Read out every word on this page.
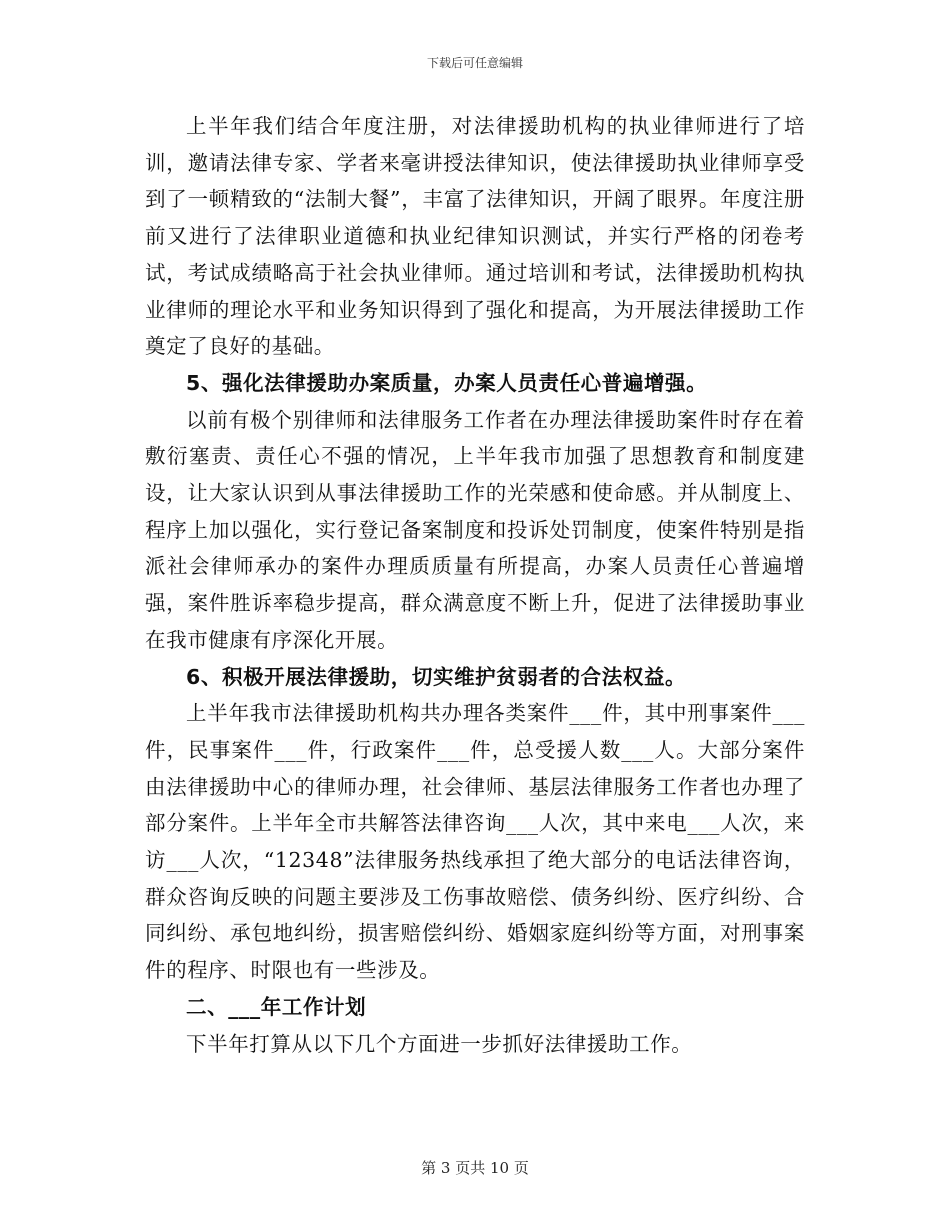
下载后可任意编辑

上半年我们结合年度注册，对法律援助机构的执业律师进行了培训，邀请法律专家、学者来毫讲授法律知识，使法律援助执业律师享受到了一顿精致的“法制大餐”，丰富了法律知识，开阔了眼界。年度注册前又进行了法律职业道德和执业纪律知识测试，并实行严格的闭卷考试，考试成绩略高于社会执业律师。通过培训和考试，法律援助机构执业律师的理论水平和业务知识得到了强化和提高，为开展法律援助工作奠定了良好的基础。

5、强化法律援助办案质量，办案人员责任心普遍增强。

以前有极个别律师和法律服务工作者在办理法律援助案件时存在着敷衍塞责、责任心不强的情况，上半年我市加强了思想教育和制度建设，让大家认识到从事法律援助工作的光荣感和使命感。并从制度上、程序上加以强化，实行登记备案制度和投诉处罚制度，使案件特别是指派社会律师承办的案件办理质质量有所提高，办案人员责任心普遍增强，案件胜诉率稳步提高，群众满意度不断上升，促进了法律援助事业在我市健康有序深化开展。

6、积极开展法律援助，切实维护贫弱者的合法权益。

上半年我市法律援助机构共办理各类案件___件，其中刑事案件___件，民事案件___件，行政案件___件，总受援人数___人。大部分案件由法律援助中心的律师办理，社会律师、基层法律服务工作者也办理了部分案件。上半年全市共解答法律咨询___人次，其中来电___人次，来访___人次，“12348”法律服务热线承担了绝大部分的电话法律咨询，群众咨询反映的问题主要涉及工伤事故赔偿、债务纠纷、医疗纠纷、合同纠纷、承包地纠纷，损害赔偿纠纷、婚姻家庭纠纷等方面，对刑事案件的程序、时限也有一些涉及。

二、___年工作计划

下半年打算从以下几个方面进一步抓好法律援助工作。

第 3 页共 10 页
